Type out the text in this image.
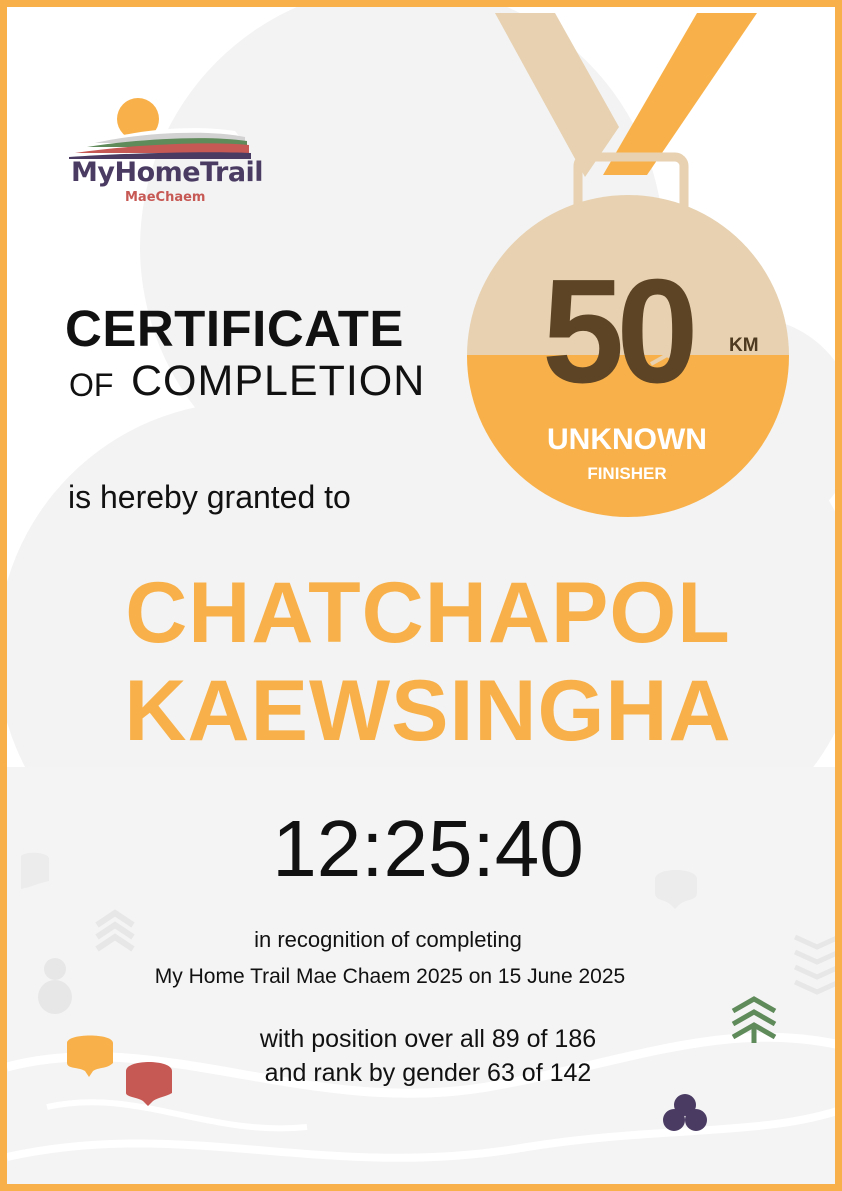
MyHomeTrail
MaeChaem
CERTIFICATE
OF COMPLETION 50 KM
UNKNOWN
FINISHER
is hereby granted to
CHATCHAPOL
KAEWSINGHA
12:25:40
in recognition of completing
My Home Trail Mae Chaem 2025 on 15 June 2025
with position over all 89 of 186
and rank by gender 63 of 142
